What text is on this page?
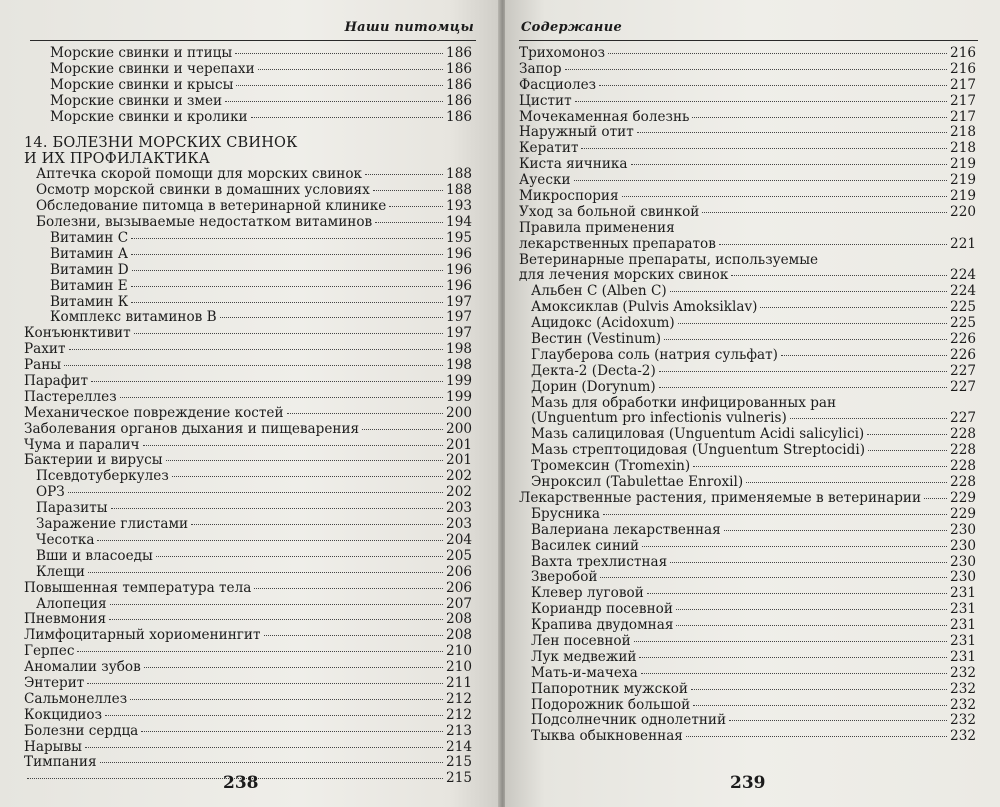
Наши питомцы
Морские свинки и птицы	186
Морские свинки и черепахи	186
Морские свинки и крысы	186
Морские свинки и змеи	186
Морские свинки и кролики	186
14. БОЛЕЗНИ МОРСКИХ СВИНОК
И ИХ ПРОФИЛАКТИКА
Аптечка скорой помощи для морских свинок	188
Осмотр морской свинки в домашних условиях	188
Обследование питомца в ветеринарной клинике	193
Болезни, вызываемые недостатком витаминов	194
Витамин С	195
Витамин А	196
Витамин D	196
Витамин Е	196
Витамин К	197
Комплекс витаминов В	197
Конъюнктивит	197
Рахит	198
Раны	198
Парафит	199
Пастереллез	199
Механическое повреждение костей	200
Заболевания органов дыхания и пищеварения	200
Чума и паралич	201
Бактерии и вирусы	201
Псевдотуберкулез	202
ОРЗ	202
Паразиты	203
Заражение глистами	203
Чесотка	204
Вши и власоеды	205
Клещи	206
Повышенная температура тела	206
Алопеция	207
Пневмония	208
Лимфоцитарный хориоменингит	208
Герпес	210
Аномалии зубов	210
Энтерит	211
Сальмонеллез	212
Кокцидиоз	212
Болезни сердца	213
Нарывы	214
Тимпания	215
215
238
Содержание
Трихомоноз	216
Запор	216
Фасциолез	217
Цистит	217
Мочекаменная болезнь	217
Наружный отит	218
Кератит	218
Киста яичника	219
Ауески	219
Микроспория	219
Уход за больной свинкой	220
Правила применения
лекарственных препаратов	221
Ветеринарные препараты, используемые
для лечения морских свинок	224
Альбен С (Alben С)	224
Амоксиклав (Pulvis Amoksiklav)	225
Ацидокс (Acidoxum)	225
Вестин (Vestinum)	226
Глауберова соль (натрия сульфат)	226
Декта-2 (Decta-2)	227
Дорин (Dorynum)	227
Мазь для обработки инфицированных ран
(Unguentum pro infectionis vulneris)	227
Мазь салициловая (Unguentum Acidi salicylici)	228
Мазь стрептоцидовая (Unguentum Streptocidi)	228
Тромексин (Tromexin)	228
Энроксил (Tabulettae Enroxil)	228
Лекарственные растения, применяемые в ветеринарии 229
Брусника	229
Валериана лекарственная	230
Василек синий	230
Вахта трехлистная	230
Зверобой	230
Клевер луговой	231
Кориандр посевной	231
Крапива двудомная	231
Лен посевной	231
Лук медвежий	231
Мать-и-мачеха	232
Папоротник мужской	232
Подорожник большой	232
Подсолнечник однолетний	232
Тыква обыкновенная	232
239
